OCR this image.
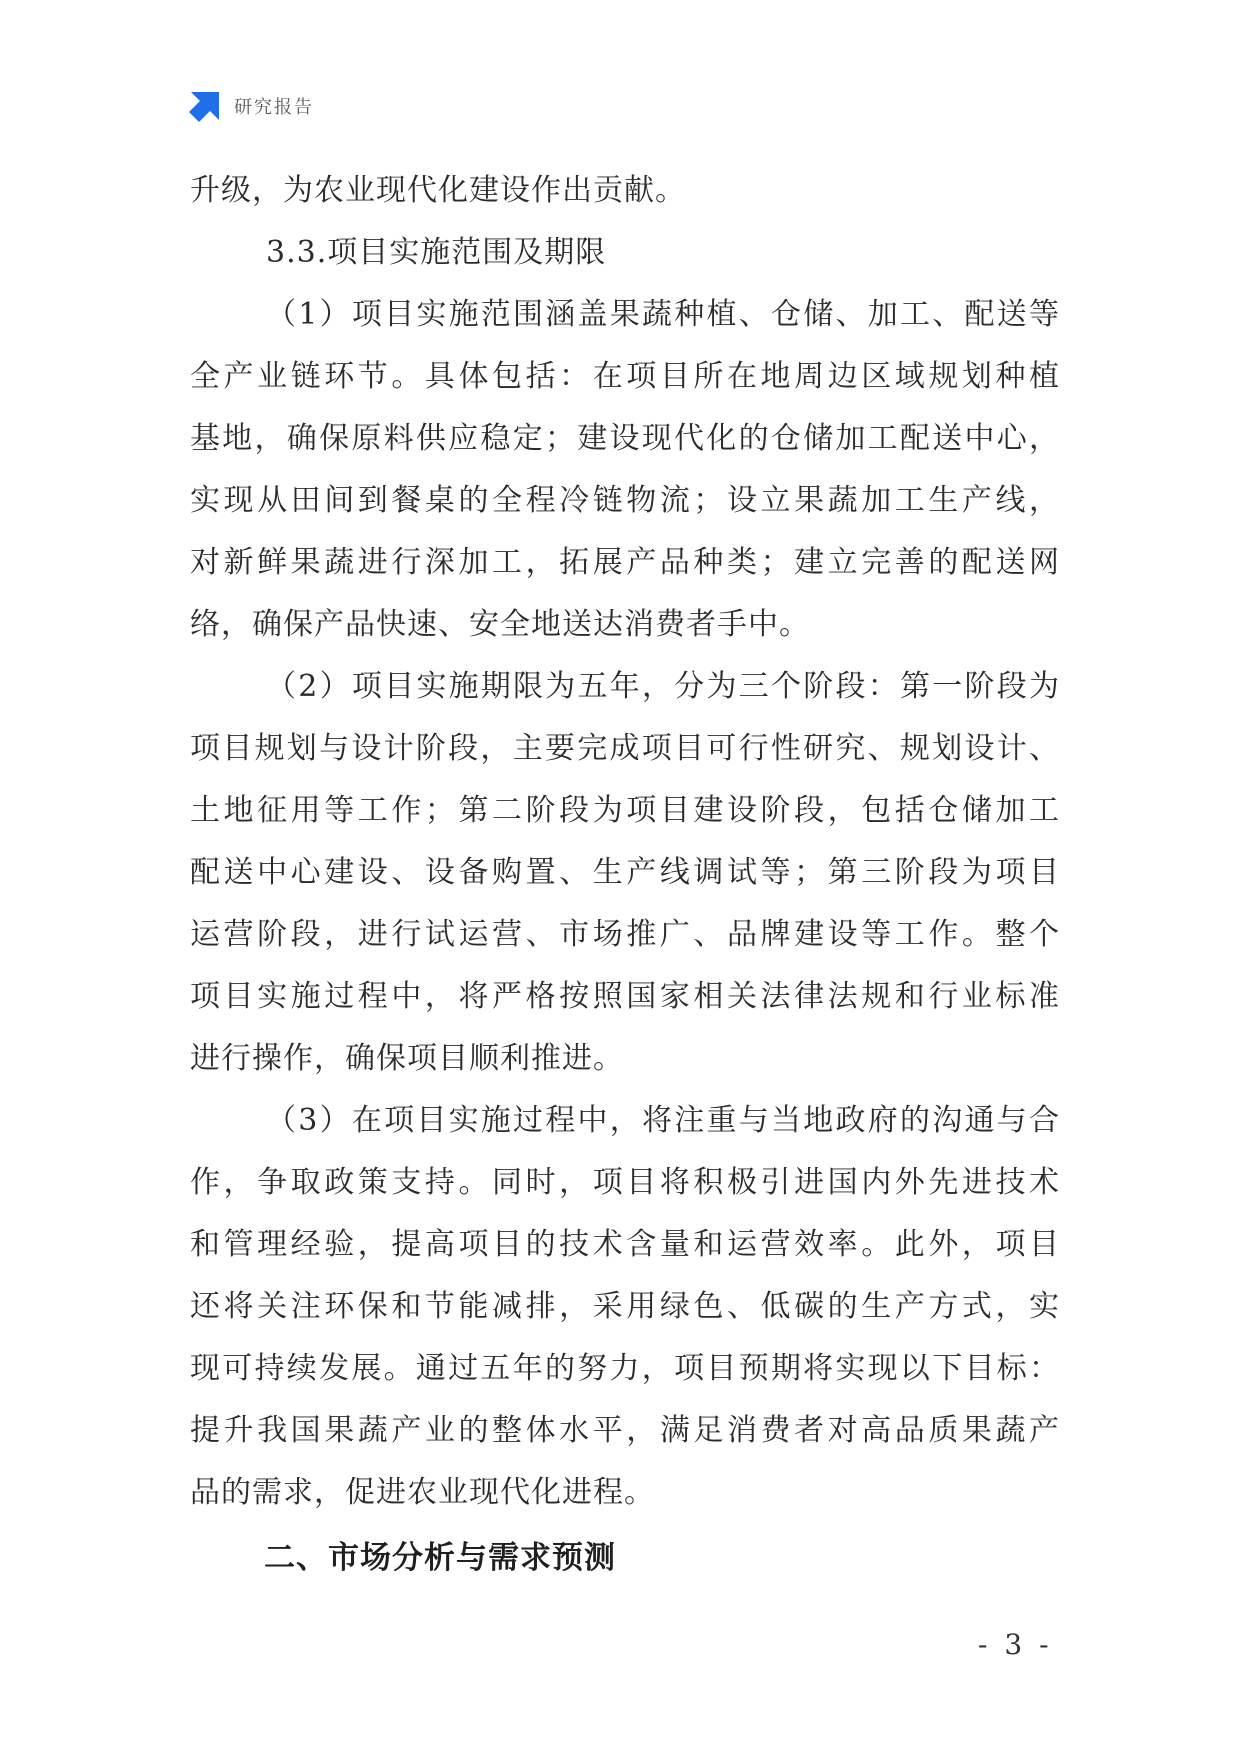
研究报告
升级，为农业现代化建设作出贡献。
3.3.项目实施范围及期限
（1）项目实施范围涵盖果蔬种植、仓储、加工、配送等
全产业链环节。具体包括：在项目所在地周边区域规划种植
基地，确保原料供应稳定；建设现代化的仓储加工配送中心，
实现从田间到餐桌的全程冷链物流；设立果蔬加工生产线，
对新鲜果蔬进行深加工，拓展产品种类；建立完善的配送网
络，确保产品快速、安全地送达消费者手中。
（2）项目实施期限为五年，分为三个阶段：第一阶段为
项目规划与设计阶段，主要完成项目可行性研究、规划设计、
土地征用等工作；第二阶段为项目建设阶段，包括仓储加工
配送中心建设、设备购置、生产线调试等；第三阶段为项目
运营阶段，进行试运营、市场推广、品牌建设等工作。整个
项目实施过程中，将严格按照国家相关法律法规和行业标准
进行操作，确保项目顺利推进。
（3）在项目实施过程中，将注重与当地政府的沟通与合
作，争取政策支持。同时，项目将积极引进国内外先进技术
和管理经验，提高项目的技术含量和运营效率。此外，项目
还将关注环保和节能减排，采用绿色、低碳的生产方式，实
现可持续发展。通过五年的努力，项目预期将实现以下目标：
提升我国果蔬产业的整体水平，满足消费者对高品质果蔬产
品的需求，促进农业现代化进程。
二、市场分析与需求预测
- 3 -
